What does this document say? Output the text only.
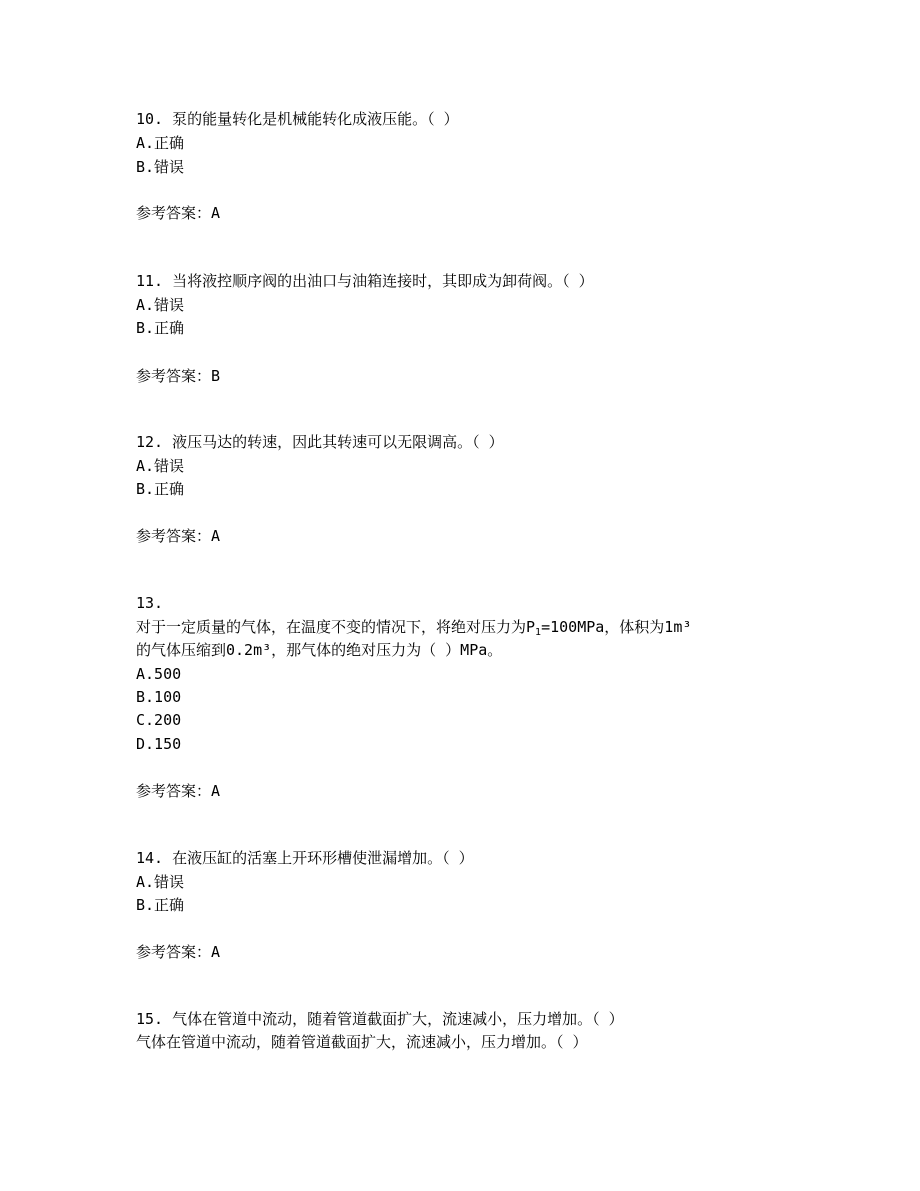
10. 泵的能量转化是机械能转化成液压能。（ ）
A.正确
B.错误
参考答案：A
11. 当将液控顺序阀的出油口与油箱连接时，其即成为卸荷阀。（ ）
A.错误
B.正确
参考答案：B
12. 液压马达的转速，因此其转速可以无限调高。（ ）
A.错误
B.正确
参考答案：A
13.
对于一定质量的气体，在温度不变的情况下，将绝对压力为$P_1=100MPa$，体积为1m³
的气体压缩到0.2m³，那气体的绝对压力为（ ）MPa。
A.500
B.100
C.200
D.150
参考答案：A
14. 在液压缸的活塞上开环形槽使泄漏增加。（ ）
A.错误
B.正确
参考答案：A
15. 气体在管道中流动，随着管道截面扩大，流速减小，压力增加。（ ）
气体在管道中流动，随着管道截面扩大，流速减小，压力增加。（ ）
